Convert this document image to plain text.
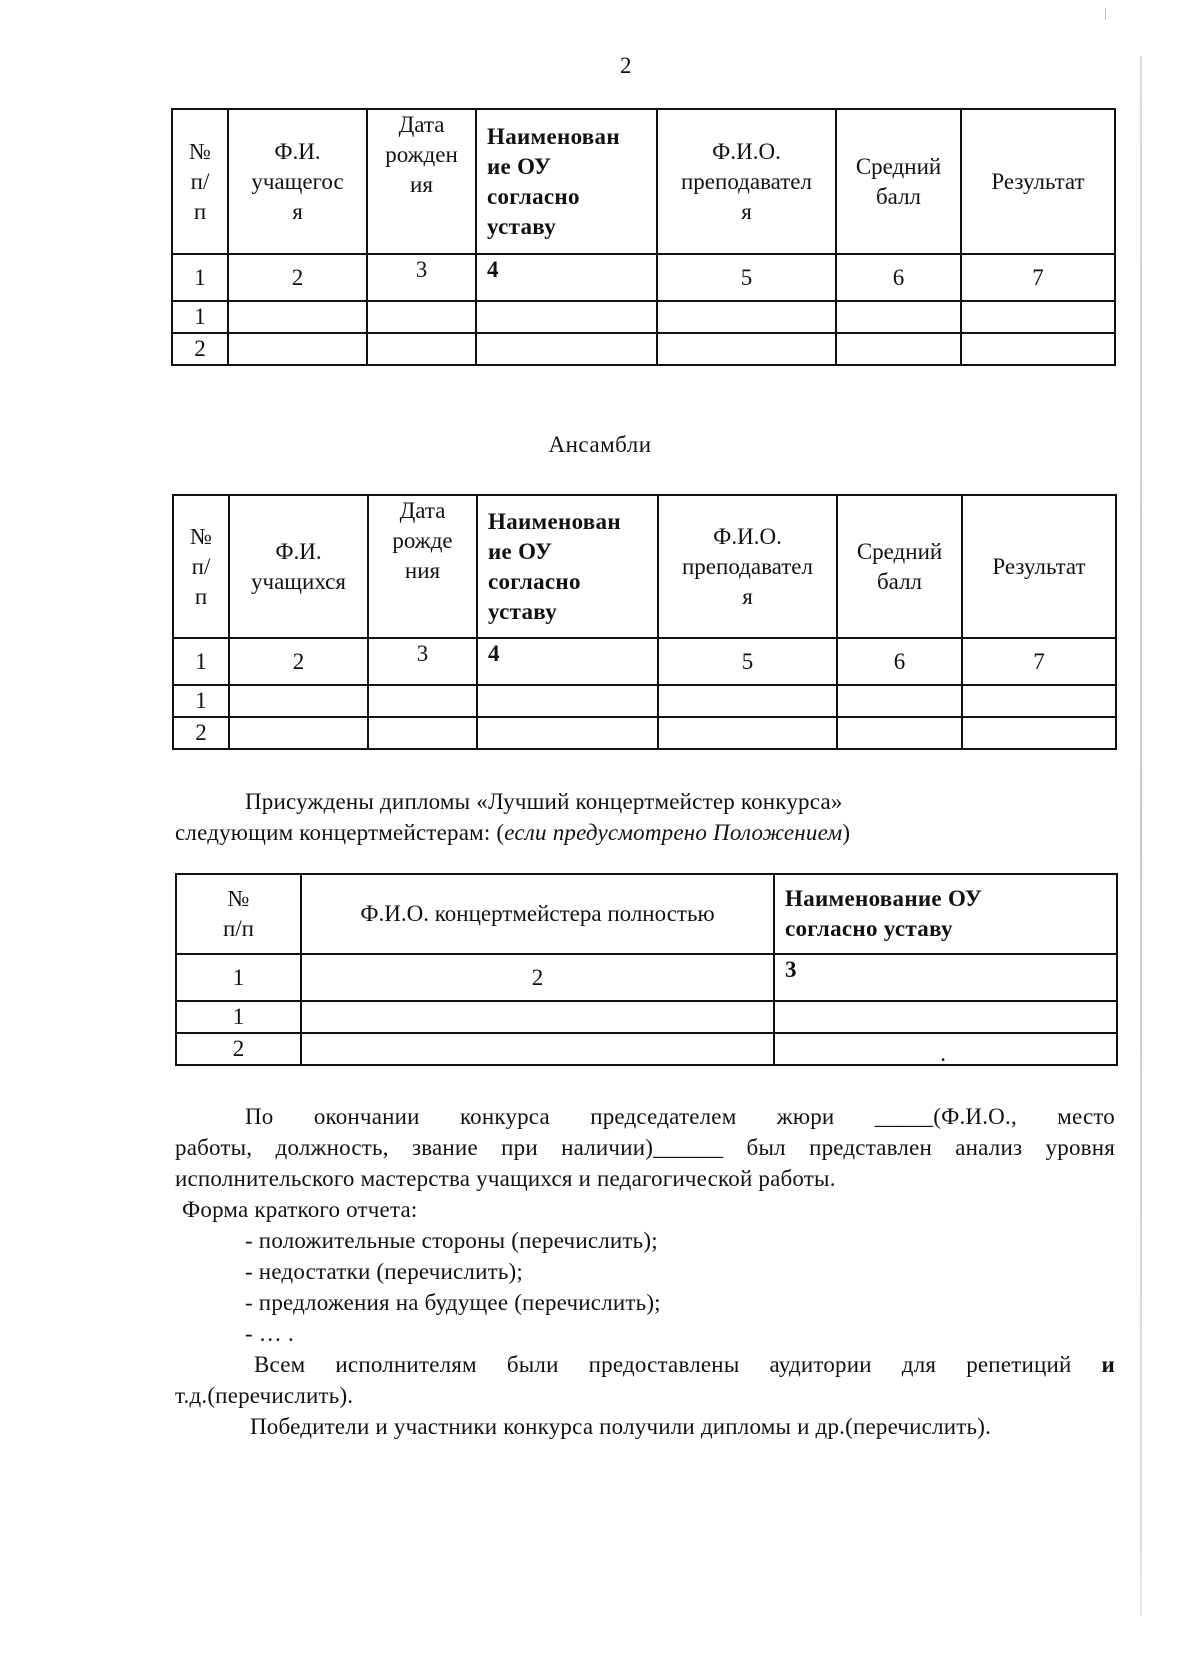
2
№
п/
п	Ф.И.
учащегос
я	Дата
рожден
ия	Наименован
ие ОУ
согласно
уставу	Ф.И.О.
преподавател
я	Средний
балл	Результат
1	2	3	4	5	6	7
1						
2						
Ансамбли
№
п/
п	Ф.И.
учащихся	Дата
рожде
ния	Наименован
ие ОУ
согласно
уставу	Ф.И.О.
преподавател
я	Средний
балл	Результат
1	2	3	4	5	6	7
1						
2						
Присуждены дипломы «Лучший концертмейстер конкурса»
следующим концертмейстерам: (если предусмотрено Положением)
№
п/п	Ф.И.О. концертмейстера полностью	Наименование ОУ
согласно уставу
1	2	3
1		
2		.
По окончании конкурса председателем жюри _____(Ф.И.О., место
работы, должность, звание при наличии)______ был представлен анализ уровня
исполнительского мастерства учащихся и педагогической работы.
Форма краткого отчета:
- положительные стороны (перечислить);
- недостатки (перечислить);
- предложения на будущее (перечислить);
- … .
Всем исполнителям были предоставлены аудитории для репетиций и
т.д.(перечислить).
Победители и участники конкурса получили дипломы и др.(перечислить).
